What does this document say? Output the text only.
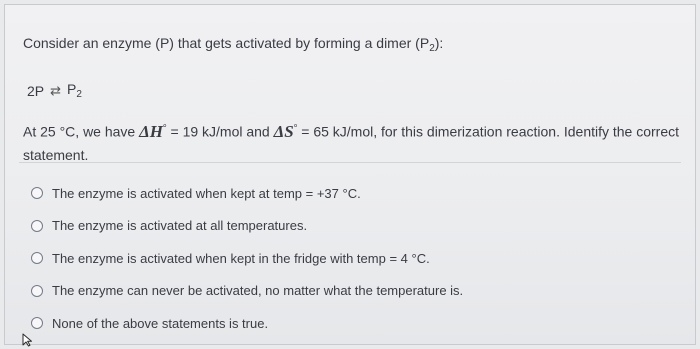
Consider an enzyme (P) that gets activated by forming a dimer $(P_2)$:

2P ⇄ $P_2$

At 25 °C, we have ΔH° = 19 kJ/mol and ΔS° = 65 kJ/mol, for this dimerization reaction. Identify the correct statement.

The enzyme is activated when kept at temp = +37 °C.
The enzyme is activated at all temperatures.
The enzyme is activated when kept in the fridge with temp = 4 °C.
The enzyme can never be activated, no matter what the temperature is.
None of the above statements is true.
